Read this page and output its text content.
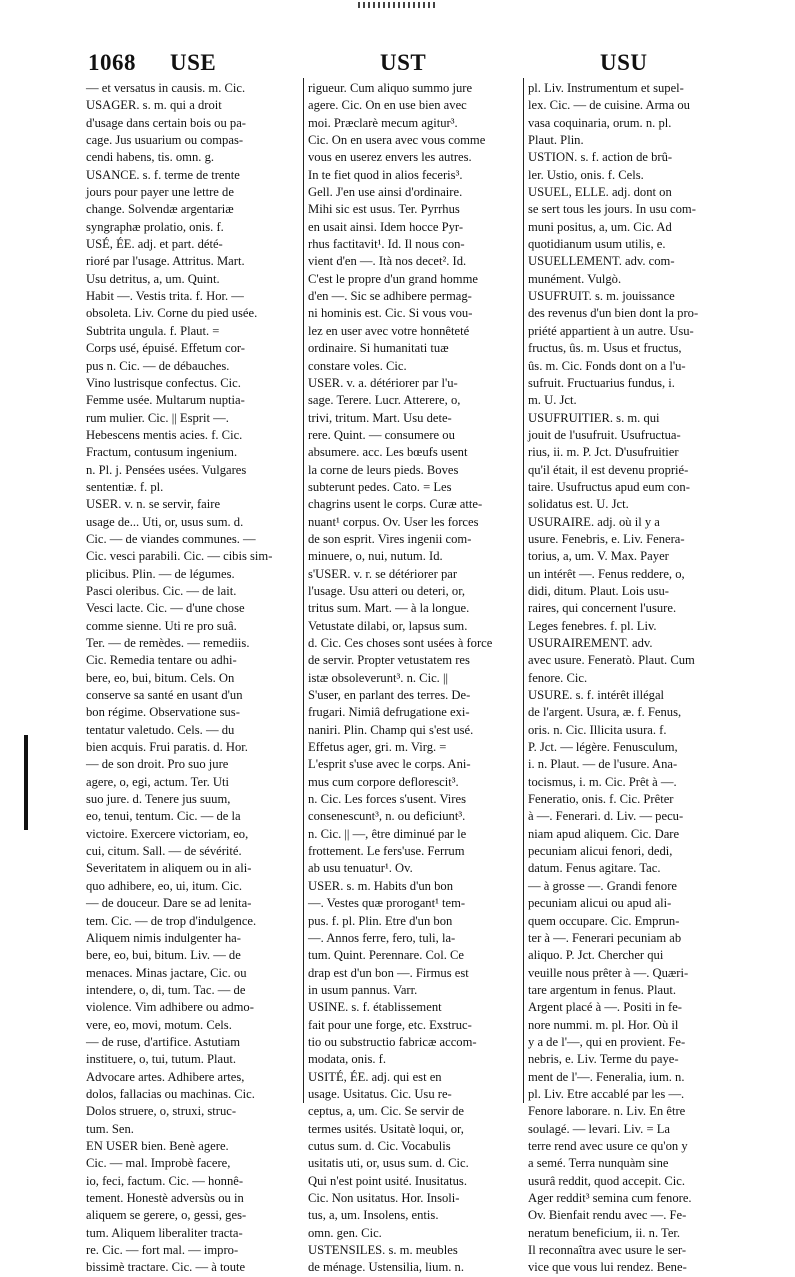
1068 USE	UST	USU
— et versatus in causis. m. Cic.
USAGER. s. m. qui a droit
d'usage dans certain bois ou pa-
cage. Jus usuarium ou compas-
cendi habens, tis. omn. g.
USANCE. s. f. terme de trente
jours pour payer une lettre de
change. Solvendæ argentariæ
syngraphæ prolatio, onis. f.
USÉ, ÉE. adj. et part. dété-
rioré par l'usage. Attritus. Mart.
Usu detritus, a, um. Quint.
Habit —. Vestis trita. f. Hor. —
obsoleta. Liv. Corne du pied usée.
Subtrita ungula. f. Plaut. =
Corps usé, épuisé. Effetum cor-
pus n. Cic. — de débauches.
Vino lustrisque confectus. Cic.
Femme usée. Multarum nuptia-
rum mulier. Cic. || Esprit —.
Hebescens mentis acies. f. Cic.
Fractum, contusum ingenium.
n. Pl. j. Pensées usées. Vulgares
sententiæ. f. pl.
USER. v. n. se servir, faire
usage de... Uti, or, usus sum. d.
Cic. — de viandes communes. —
Cic. vesci parabili. Cic. — cibis sim-
plicibus. Plin. — de légumes.
Pasci oleribus. Cic. — de lait.
Vesci lacte. Cic. — d'une chose
comme sienne. Uti re pro suâ.
Ter. — de remèdes. — remediis.
Cic. Remedia tentare ou adhi-
bere, eo, bui, bitum. Cels. On
conserve sa santé en usant d'un
bon régime. Observatione sus-
tentatur valetudo. Cels. — du
bien acquis. Frui paratis. d. Hor.
— de son droit. Pro suo jure
agere, o, egi, actum. Ter. Uti
suo jure. d. Tenere jus suum,
eo, tenui, tentum. Cic. — de la
victoire. Exercere victoriam, eo,
cui, citum. Sall. — de sévérité.
Severitatem in aliquem ou in ali-
quo adhibere, eo, ui, itum. Cic.
— de douceur. Dare se ad lenita-
tem. Cic. — de trop d'indulgence.
Aliquem nimis indulgenter ha-
bere, eo, bui, bitum. Liv. — de
menaces. Minas jactare, Cic. ou
intendere, o, di, tum. Tac. — de
violence. Vim adhibere ou admo-
vere, eo, movi, motum. Cels.
— de ruse, d'artifice. Astutiam
instituere, o, tui, tutum. Plaut.
Advocare artes. Adhibere artes,
dolos, fallacias ou machinas. Cic.
Dolos struere, o, struxi, struc-
tum. Sen.
EN USER bien. Benè agere.
Cic. — mal. Improbè facere,
io, feci, factum. Cic. — honnê-
tement. Honestè adversùs ou in
aliquem se gerere, o, gessi, ges-
tum. Aliquem liberaliter tracta-
re. Cic. — fort mal. — impro-
bissimè tractare. Cic. — à toute
rigueur. Cum aliquo summo jure
agere. Cic. On en use bien avec
moi. Præclarè mecum agitur³.
Cic. On en usera avec vous comme
vous en userez envers les autres.
In te fiet quod in alios feceris³.
Gell. J'en use ainsi d'ordinaire.
Mihi sic est usus. Ter. Pyrrhus
en usait ainsi. Idem hocce Pyr-
rhus factitavit¹. Id. Il nous con-
vient d'en —. Ità nos decet². Id.
C'est le propre d'un grand homme
d'en —. Sic se adhibere permag-
ni hominis est. Cic. Si vous vou-
lez en user avec votre honnêteté
ordinaire. Si humanitati tuæ
constare voles. Cic.
USER. v. a. détériorer par l'u-
sage. Terere. Lucr. Atterere, o,
trivi, tritum. Mart. Usu dete-
rere. Quint. — consumere ou
absumere. acc. Les bœufs usent
la corne de leurs pieds. Boves
subterunt pedes. Cato. = Les
chagrins usent le corps. Curæ atte-
nuant¹ corpus. Ov. User les forces
de son esprit. Vires ingenii com-
minuere, o, nui, nutum. Id.
s'USER. v. r. se détériorer par
l'usage. Usu atteri ou deteri, or,
tritus sum. Mart. — à la longue.
Vetustate dilabi, or, lapsus sum.
d. Cic. Ces choses sont usées à force
de servir. Propter vetustatem res
istæ obsoleverunt³. n. Cic. ||
S'user, en parlant des terres. De-
frugari. Nimiâ defrugatione exi-
naniri. Plin. Champ qui s'est usé.
Effetus ager, gri. m. Virg. =
L'esprit s'use avec le corps. Ani-
mus cum corpore deflorescit³.
n. Cic. Les forces s'usent. Vires
consenescunt³, n. ou deficiunt³.
n. Cic. || —, être diminué par le
frottement. Le fers'use. Ferrum
ab usu tenuatur¹. Ov.
USER. s. m. Habits d'un bon
—. Vestes quæ prorogant¹ tem-
pus. f. pl. Plin. Etre d'un bon
—. Annos ferre, fero, tuli, la-
tum. Quint. Perennare. Col. Ce
drap est d'un bon —. Firmus est
in usum pannus. Varr.
USINE. s. f. établissement
fait pour une forge, etc. Exstruc-
tio ou substructio fabricæ accom-
modata, onis. f.
USITÉ, ÉE. adj. qui est en
usage. Usitatus. Cic. Usu re-
ceptus, a, um. Cic. Se servir de
termes usités. Usitatè loqui, or,
cutus sum. d. Cic. Vocabulis
usitatis uti, or, usus sum. d. Cic.
Qui n'est point usité. Inusitatus.
Cic. Non usitatus. Hor. Insoli-
tus, a, um. Insolens, entis.
omn. gen. Cic.
USTENSILES. s. m. meubles
de ménage. Ustensilia, lium. n.
pl. Liv. Instrumentum et supel-
lex. Cic. — de cuisine. Arma ou
vasa coquinaria, orum. n. pl.
Plaut. Plin.
USTION. s. f. action de brû-
ler. Ustio, onis. f. Cels.
USUEL, ELLE. adj. dont on
se sert tous les jours. In usu com-
muni positus, a, um. Cic. Ad
quotidianum usum utilis, e.
USUELLEMENT. adv. com-
munément. Vulgò.
USUFRUIT. s. m. jouissance
des revenus d'un bien dont la pro-
priété appartient à un autre. Usu-
fructus, ûs. m. Usus et fructus,
ûs. m. Cic. Fonds dont on a l'u-
sufruit. Fructuarius fundus, i.
m. U. Jct.
USUFRUITIER. s. m. qui
jouit de l'usufruit. Usufructua-
rius, ii. m. P. Jct. D'usufruitier
qu'il était, il est devenu proprié-
taire. Usufructus apud eum con-
solidatus est. U. Jct.
USURAIRE. adj. où il y a
usure. Fenebris, e. Liv. Fenera-
torius, a, um. V. Max. Payer
un intérêt —. Fenus reddere, o,
didi, ditum. Plaut. Lois usu-
raires, qui concernent l'usure.
Leges fenebres. f. pl. Liv.
USURAIREMENT. adv.
avec usure. Feneratò. Plaut. Cum
fenore. Cic.
USURE. s. f. intérêt illégal
de l'argent. Usura, æ. f. Fenus,
oris. n. Cic. Illicita usura. f.
P. Jct. — légère. Fenusculum,
i. n. Plaut. — de l'usure. Ana-
tocismus, i. m. Cic. Prêt à —.
Feneratio, onis. f. Cic. Prêter
à —. Fenerari. d. Liv. — pecu-
niam apud aliquem. Cic. Dare
pecuniam alicui fenori, dedi,
datum. Fenus agitare. Tac.
— à grosse —. Grandi fenore
pecuniam alicui ou apud ali-
quem occupare. Cic. Emprun-
ter à —. Fenerari pecuniam ab
aliquo. P. Jct. Chercher qui
veuille nous prêter à —. Quæri-
tare argentum in fenus. Plaut.
Argent placé à —. Positi in fe-
nore nummi. m. pl. Hor. Où il
y a de l'—, qui en provient. Fe-
nebris, e. Liv. Terme du paye-
ment de l'—. Feneralia, ium. n.
pl. Liv. Etre accablé par les —.
Fenore laborare. n. Liv. En être
soulagé. — levari. Liv. = La
terre rend avec usure ce qu'on y
a semé. Terra nunquàm sine
usurâ reddit, quod accepit. Cic.
Ager reddit³ semina cum fenore.
Ov. Bienfait rendu avec —. Fe-
neratum beneficium, ii. n. Ter.
Il reconnaîtra avec usure le ser-
vice que vous lui rendez. Bene-
